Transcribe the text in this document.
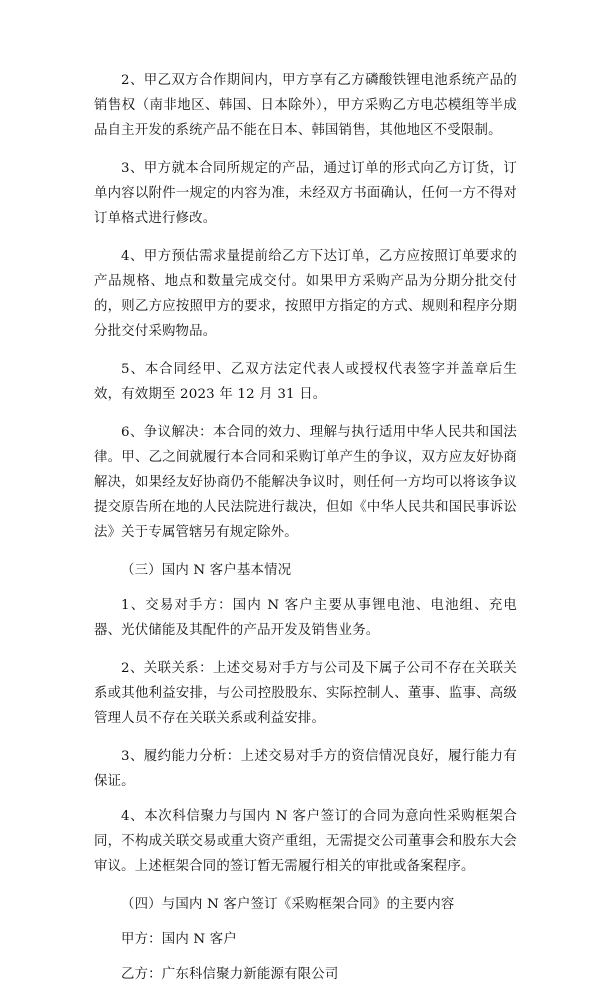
2、甲乙双方合作期间内，甲方享有乙方磷酸铁锂电池系统产品的销售权（南非地区、韩国、日本除外），甲方采购乙方电芯模组等半成品自主开发的系统产品不能在日本、韩国销售，其他地区不受限制。

3、甲方就本合同所规定的产品，通过订单的形式向乙方订货，订单内容以附件一规定的内容为准，未经双方书面确认，任何一方不得对订单格式进行修改。

4、甲方预估需求量提前给乙方下达订单，乙方应按照订单要求的产品规格、地点和数量完成交付。如果甲方采购产品为分期分批交付的，则乙方应按照甲方的要求，按照甲方指定的方式、规则和程序分期分批交付采购物品。

5、本合同经甲、乙双方法定代表人或授权代表签字并盖章后生效，有效期至 2023 年 12 月 31 日。

6、争议解决：本合同的效力、理解与执行适用中华人民共和国法律。甲、乙之间就履行本合同和采购订单产生的争议，双方应友好协商解决，如果经友好协商仍不能解决争议时，则任何一方均可以将该争议提交原告所在地的人民法院进行裁决，但如《中华人民共和国民事诉讼法》关于专属管辖另有规定除外。

（三）国内 N 客户基本情况

1、交易对手方：国内 N 客户主要从事锂电池、电池组、充电器、光伏储能及其配件的产品开发及销售业务。

2、关联关系：上述交易对手方与公司及下属子公司不存在关联关系或其他利益安排，与公司控股股东、实际控制人、董事、监事、高级管理人员不存在关联关系或利益安排。

3、履约能力分析：上述交易对手方的资信情况良好，履行能力有保证。

4、本次科信聚力与国内 N 客户签订的合同为意向性采购框架合同，不构成关联交易或重大资产重组，无需提交公司董事会和股东大会审议。上述框架合同的签订暂无需履行相关的审批或备案程序。

（四）与国内 N 客户签订《采购框架合同》的主要内容

甲方：国内 N 客户

乙方：广东科信聚力新能源有限公司
